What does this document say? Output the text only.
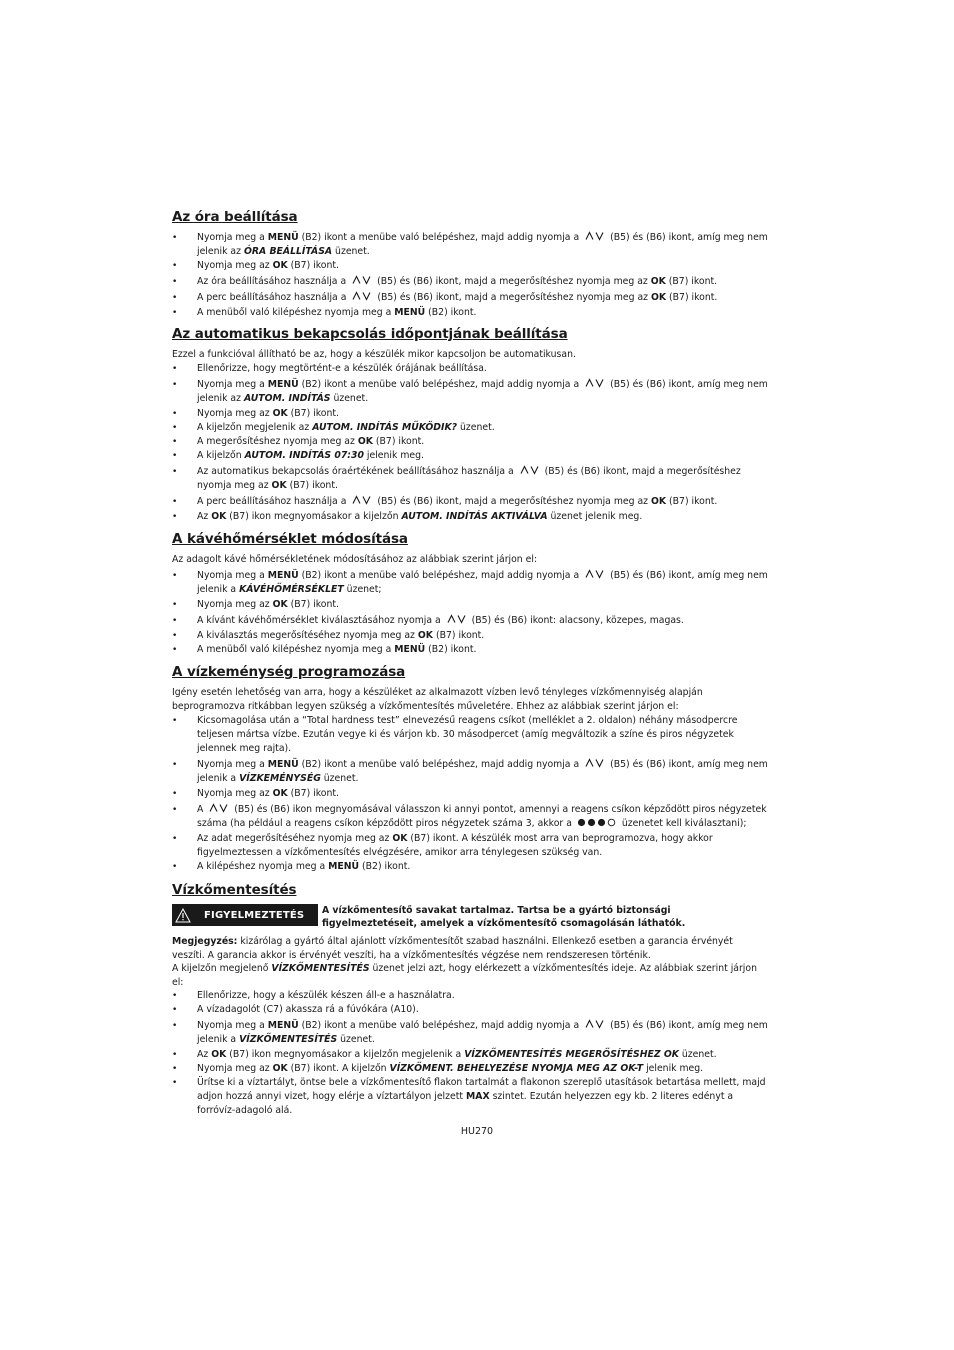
Az óra beállítása
• Nyomja meg a MENÜ (B2) ikont a menübe való belépéshez, majd addig nyomja a	(B5) és (B6) ikont, amíg meg nem jelenik az ÓRA BEÁLLÍTÁSA üzenet.
• Nyomja meg az OK (B7) ikont.
• Az óra beállításához használja a	(B5) és (B6) ikont, majd a megerősítéshez nyomja meg az OK (B7) ikont.
• A perc beállításához használja a	(B5) és (B6) ikont, majd a megerősítéshez nyomja meg az OK (B7) ikont.
• A menüből való kilépéshez nyomja meg a MENÜ (B2) ikont.
Az automatikus bekapcsolás időpontjának beállítása

Ezzel a funkcióval állítható be az, hogy a készülék mikor kapcsoljon be automatikusan.

• Ellenőrizze, hogy megtörtént-e a készülék órájának beállítása.
• Nyomja meg a MENÜ (B2) ikont a menübe való belépéshez, majd addig nyomja a	(B5) és (B6) ikont, amíg meg nem jelenik az AUTOM. INDÍTÁS üzenet.
• Nyomja meg az OK (B7) ikont.
• A kijelzőn megjelenik az AUTOM. INDÍTÁS MŰKÖDIK? üzenet.
• A megerősítéshez nyomja meg az OK (B7) ikont.
• A kijelzőn AUTOM. INDÍTÁS 07:30 jelenik meg.
• Az automatikus bekapcsolás óraértékének beállításához használja a	(B5) és (B6) ikont, majd a megerősítéshez nyomja meg az OK (B7) ikont.
• A perc beállításához használja a	(B5) és (B6) ikont, majd a megerősítéshez nyomja meg az OK (B7) ikont.
• Az OK (B7) ikon megnyomásakor a kijelzőn AUTOM. INDÍTÁS AKTIVÁLVA üzenet jelenik meg.
A kávéhőmérséklet módosítása

Az adagolt kávé hőmérsékletének módosításához az alábbiak szerint járjon el:

• Nyomja meg a MENÜ (B2) ikont a menübe való belépéshez, majd addig nyomja a	(B5) és (B6) ikont, amíg meg nem jelenik a KÁVÉHŐMÉRSÉKLET üzenet;
• Nyomja meg az OK (B7) ikont.
• A kívánt kávéhőmérséklet kiválasztásához nyomja a	(B5) és (B6) ikont: alacsony, közepes, magas.
• A kiválasztás megerősítéséhez nyomja meg az OK (B7) ikont.
• A menüből való kilépéshez nyomja meg a MENÜ (B2) ikont.
A vízkeménység programozása

Igény esetén lehetőség van arra, hogy a készüléket az alkalmazott vízben levő tényleges vízkőmennyiség alapján beprogramozva ritkábban legyen szükség a vízkőmentesítés műveletére. Ehhez az alábbiak szerint járjon el:

• Kicsomagolása után a “Total hardness test” elnevezésű reagens csíkot (melléklet a 2. oldalon) néhány másodpercre teljesen mártsa vízbe. Ezután vegye ki és várjon kb. 30 másodpercet (amíg megváltozik a színe és piros négyzetek jelennek meg rajta).
• Nyomja meg a MENÜ (B2) ikont a menübe való belépéshez, majd addig nyomja a	(B5) és (B6) ikont, amíg meg nem jelenik a VÍZKEMÉNYSÉG üzenet.
• Nyomja meg az OK (B7) ikont.
• A	(B5) és (B6) ikon megnyomásával válasszon ki annyi pontot, amennyi a reagens csíkon képződött piros négyzetek száma (ha például a reagens csíkon képződött piros négyzetek száma 3, akkor a	üzenetet kell kiválasztani);
• Az adat megerősítéséhez nyomja meg az OK (B7) ikont. A készülék most arra van beprogramozva, hogy akkor figyelmeztessen a vízkőmentesítés elvégzésére, amikor arra ténylegesen szükség van.
• A kilépéshez nyomja meg a MENÜ (B2) ikont.
Vízkőmentesítés
FIGYELMEZTETÉS A vízkőmentesítő savakat tartalmaz. Tartsa be a gyártó biztonsági figyelmeztetéseit, amelyek a vízkőmentesítő csomagolásán láthatók.

Megjegyzés: kizárólag a gyártó által ajánlott vízkőmentesítőt szabad használni. Ellenkező esetben a garancia érvényét veszíti. A garancia akkor is érvényét veszíti, ha a vízkőmentesítés végzése nem rendszeresen történik.

A kijelzőn megjelenő VÍZKŐMENTESÍTÉS üzenet jelzi azt, hogy elérkezett a vízkőmentesítés ideje. Az alábbiak szerint járjon el:

• Ellenőrizze, hogy a készülék készen áll-e a használatra.
• A vízadagolót (C7) akassza rá a fúvókára (A10).
• Nyomja meg a MENÜ (B2) ikont a menübe való belépéshez, majd addig nyomja a	(B5) és (B6) ikont, amíg meg nem jelenik a VÍZKŐMENTESÍTÉS üzenet.
• Az OK (B7) ikon megnyomásakor a kijelzőn megjelenik a VÍZKŐMENTESÍTÉS MEGERŐSÍTÉSHEZ OK üzenet.
• Nyomja meg az OK (B7) ikont. A kijelzőn VÍZKŐMENT. BEHELYEZÉSE NYOMJA MEG AZ OK-T jelenik meg.
• Ürítse ki a víztartályt, öntse bele a vízkőmentesítő flakon tartalmát a flakonon szereplő utasítások betartása mellett, majd adjon hozzá annyi vizet, hogy elérje a víztartályon jelzett MAX szintet. Ezután helyezzen egy kb. 2 literes edényt a forróvíz-adagoló alá.
HU270
